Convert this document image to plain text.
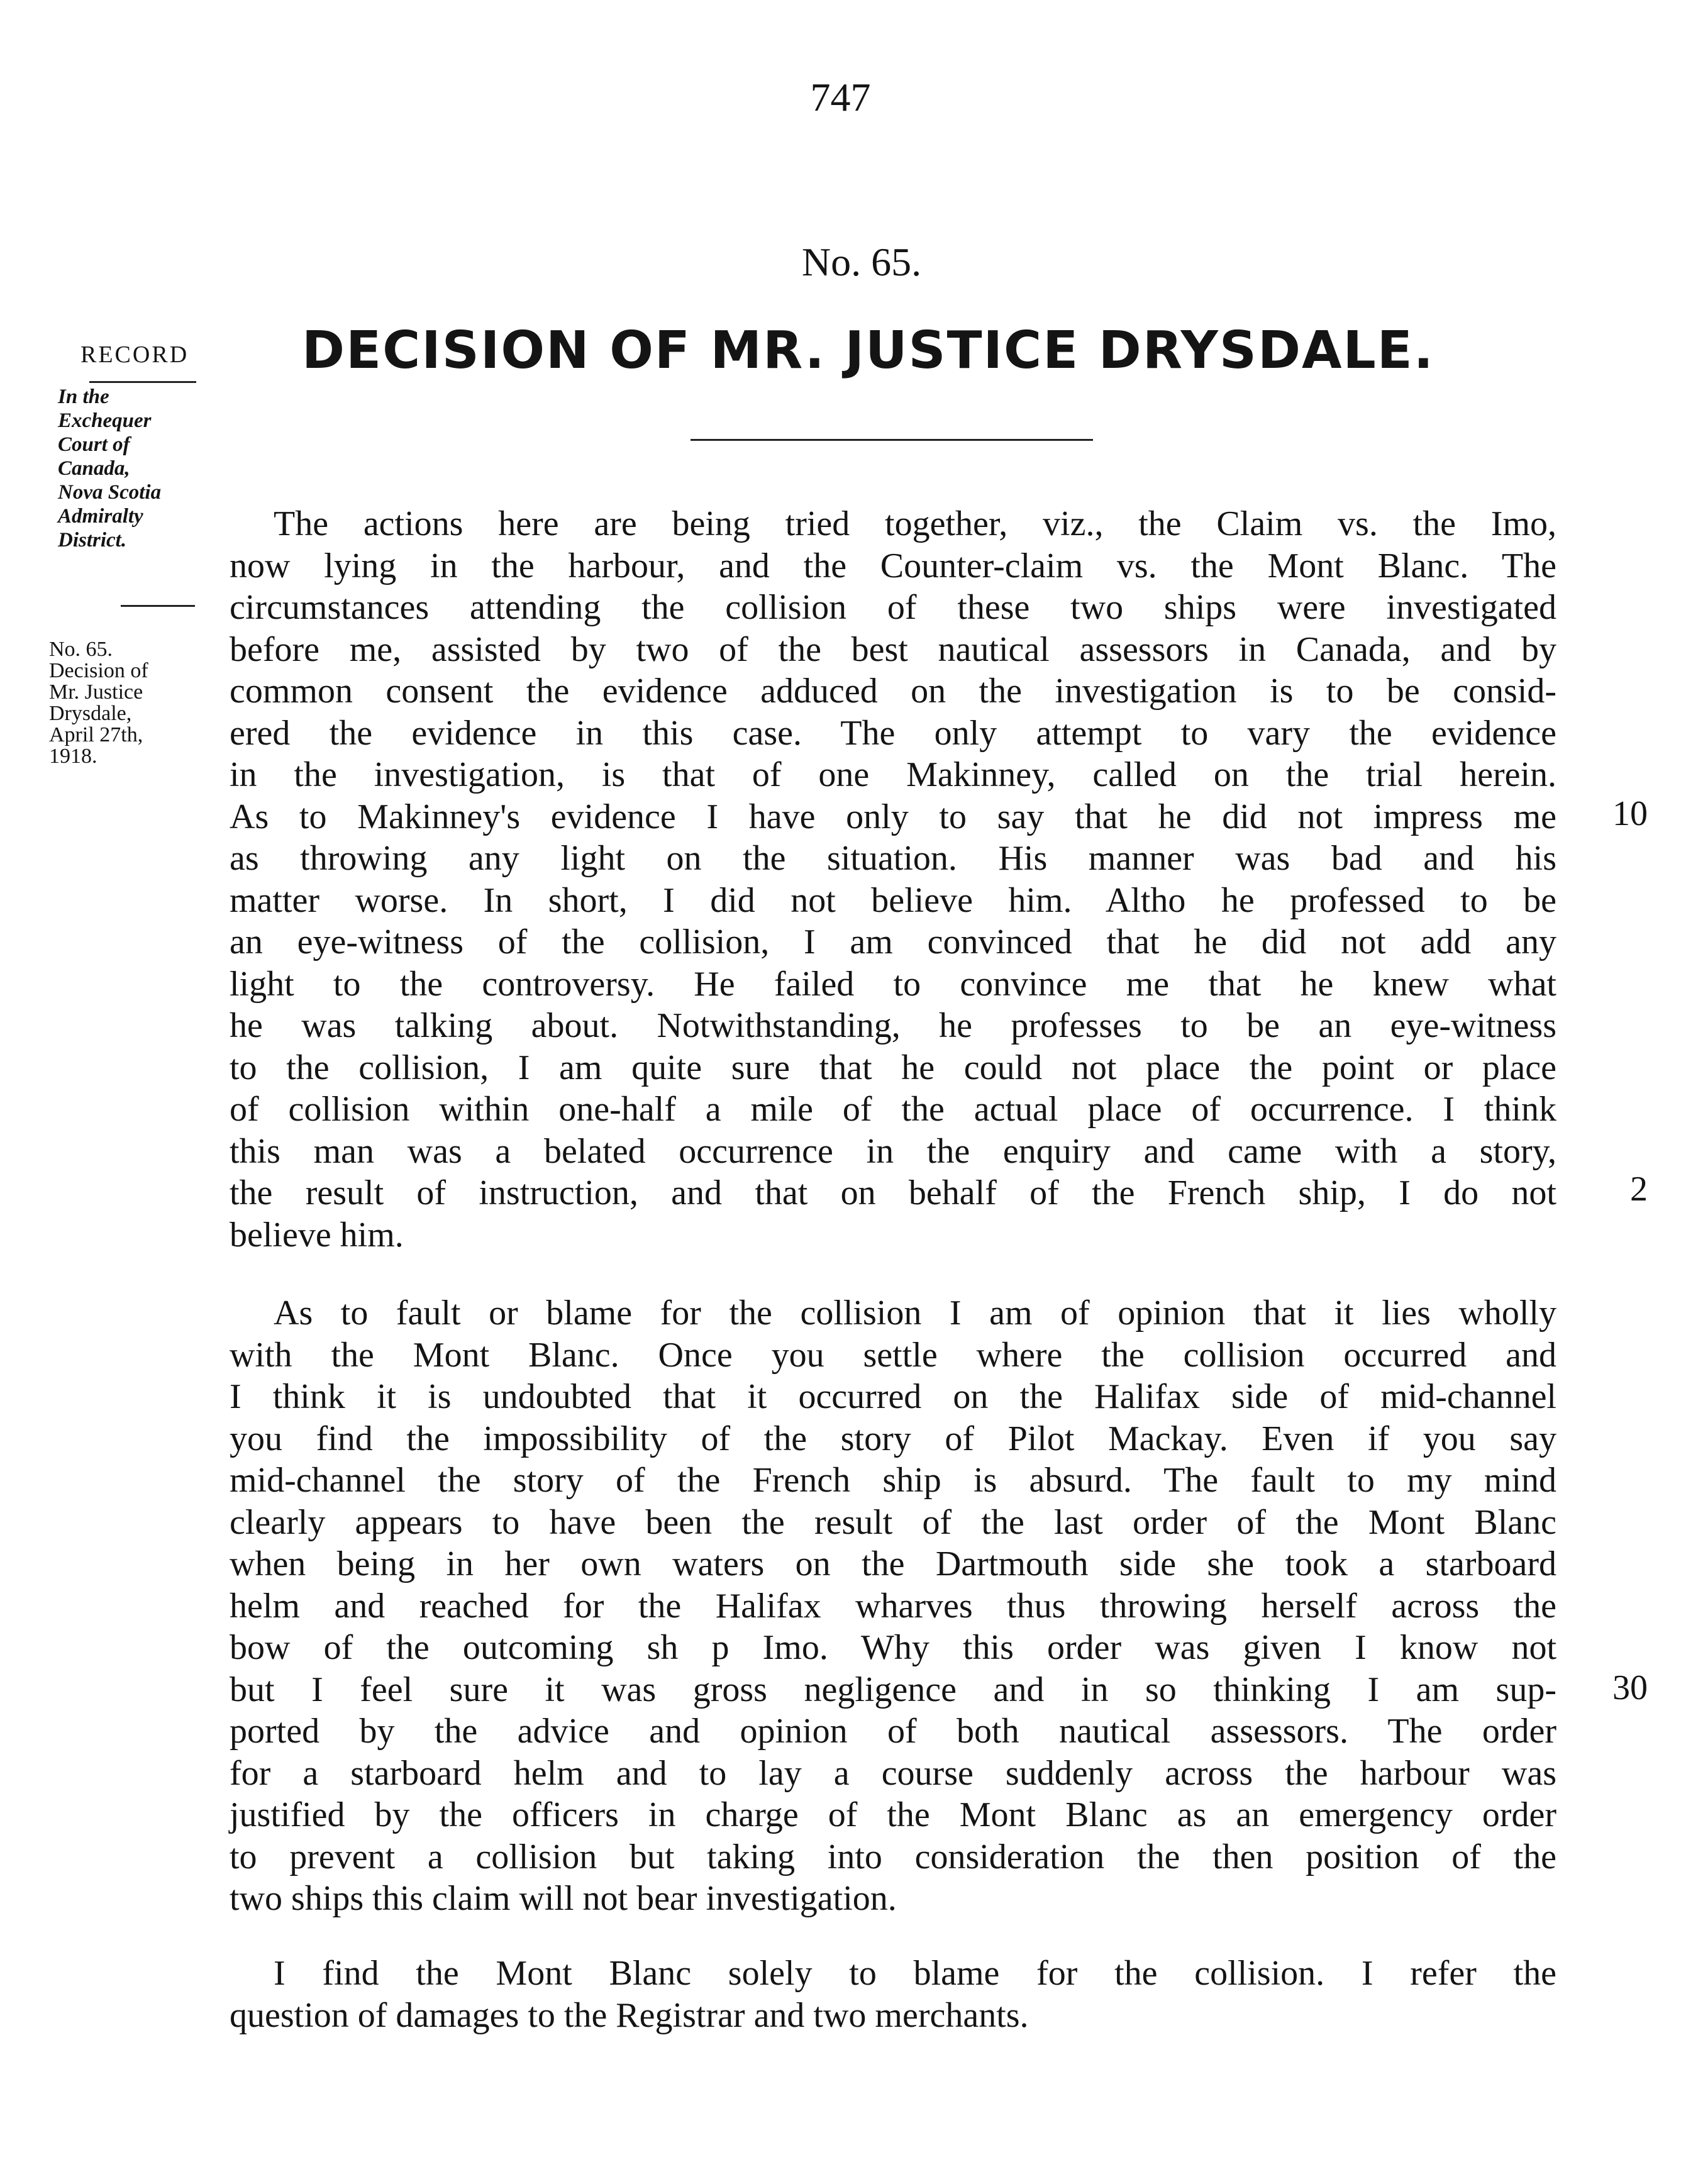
747
No. 65.
DECISION OF MR. JUSTICE DRYSDALE.
RECORD
In the
Exchequer
Court of
Canada,
Nova Scotia
Admiralty
District.
No. 65.
Decision of
Mr. Justice
Drysdale,
April 27th,
1918.
The actions here are being tried together, viz., the Claim vs. the Imo,
now lying in the harbour, and the Counter-claim vs. the Mont Blanc. The
circumstances attending the collision of these two ships were investigated
before me, assisted by two of the best nautical assessors in Canada, and by
common consent the evidence adduced on the investigation is to be consid-
ered the evidence in this case. The only attempt to vary the evidence
in the investigation, is that of one Makinney, called on the trial herein.
As to Makinney's evidence I have only to say that he did not impress me
as throwing any light on the situation. His manner was bad and his
matter worse. In short, I did not believe him. Altho he professed to be
an eye-witness of the collision, I am convinced that he did not add any
light to the controversy. He failed to convince me that he knew what
he was talking about. Notwithstanding, he professes to be an eye-witness
to the collision, I am quite sure that he could not place the point or place
of collision within one-half a mile of the actual place of occurrence. I think
this man was a belated occurrence in the enquiry and came with a story,
the result of instruction, and that on behalf of the French ship, I do not
believe him.
As to fault or blame for the collision I am of opinion that it lies wholly
with the Mont Blanc. Once you settle where the collision occurred and
I think it is undoubted that it occurred on the Halifax side of mid-channel
you find the impossibility of the story of Pilot Mackay. Even if you say
mid-channel the story of the French ship is absurd. The fault to my mind
clearly appears to have been the result of the last order of the Mont Blanc
when being in her own waters on the Dartmouth side she took a starboard
helm and reached for the Halifax wharves thus throwing herself across the
bow of the outcoming sh p Imo. Why this order was given I know not
but I feel sure it was gross negligence and in so thinking I am sup-
ported by the advice and opinion of both nautical assessors. The order
for a starboard helm and to lay a course suddenly across the harbour was
justified by the officers in charge of the Mont Blanc as an emergency order
to prevent a collision but taking into consideration the then position of the
two ships this claim will not bear investigation.
I find the Mont Blanc solely to blame for the collision. I refer the
question of damages to the Registrar and two merchants.
10
2
30
